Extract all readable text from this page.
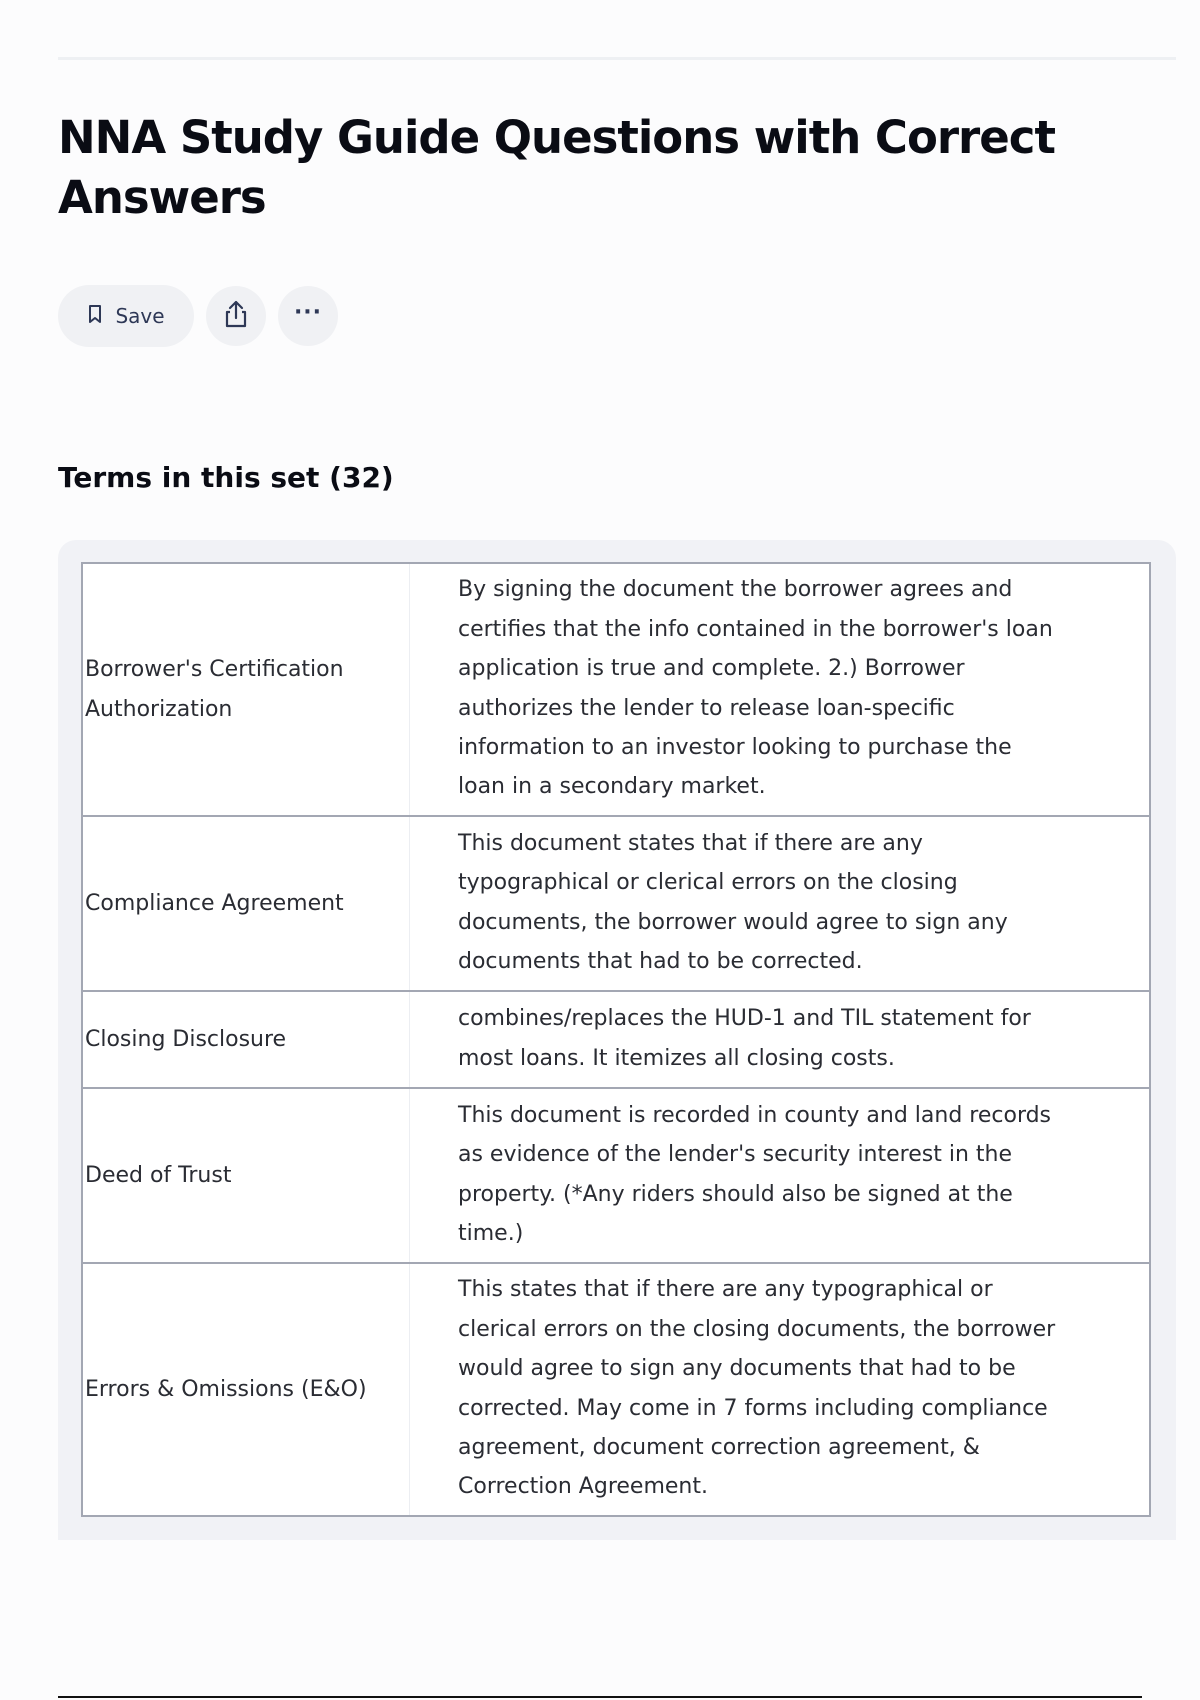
NNA Study Guide Questions with Correct Answers
Save	···
Terms in this set (32)
Borrower's Certification Authorization	By signing the document the borrower agrees and certifies that the info contained in the borrower's loan application is true and complete. 2.) Borrower authorizes the lender to release loan-specific information to an investor looking to purchase the loan in a secondary market.
Compliance Agreement	This document states that if there are any typographical or clerical errors on the closing documents, the borrower would agree to sign any documents that had to be corrected.
Closing Disclosure	combines/replaces the HUD-1 and TIL statement for most loans. It itemizes all closing costs.
Deed of Trust	This document is recorded in county and land records as evidence of the lender's security interest in the property. (*Any riders should also be signed at the time.)
Errors & Omissions (E&O)	This states that if there are any typographical or clerical errors on the closing documents, the borrower would agree to sign any documents that had to be corrected. May come in 7 forms including compliance agreement, document correction agreement, & Correction Agreement.
